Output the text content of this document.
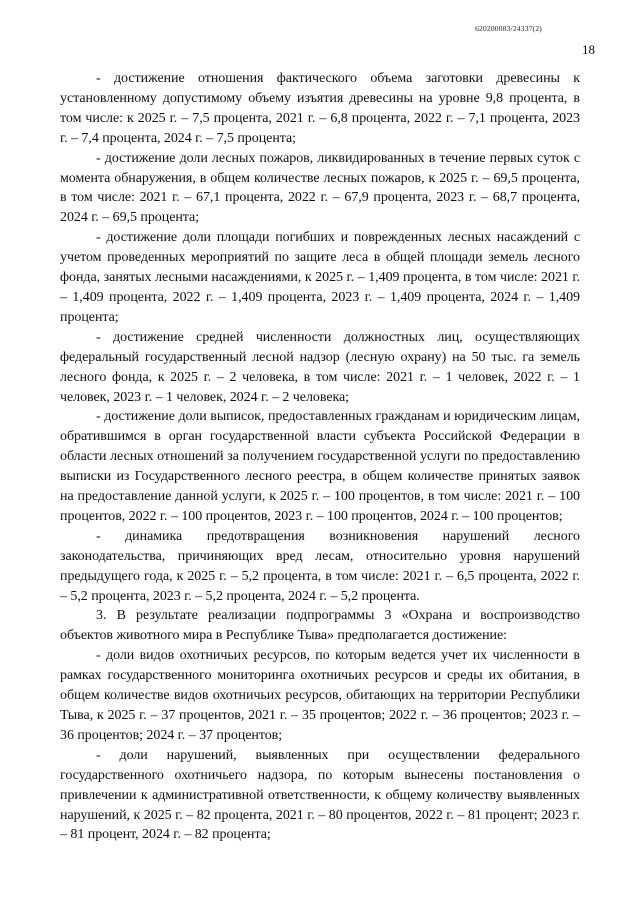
620200083/24337(2)
18

- достижение отношения фактического объема заготовки древесины к установленному допустимому объему изъятия древесины на уровне 9,8 процента, в том числе: к 2025 г. – 7,5 процента, 2021 г. – 6,8 процента, 2022 г. – 7,1 процента, 2023 г. – 7,4 процента, 2024 г. – 7,5 процента;

- достижение доли лесных пожаров, ликвидированных в течение первых суток с момента обнаружения, в общем количестве лесных пожаров, к 2025 г. – 69,5 процента, в том числе: 2021 г. – 67,1 процента, 2022 г. – 67,9 процента, 2023 г. – 68,7 процента, 2024 г. – 69,5 процента;

- достижение доли площади погибших и поврежденных лесных насаждений с учетом проведенных мероприятий по защите леса в общей площади земель лесного фонда, занятых лесными насаждениями, к 2025 г. – 1,409 процента, в том числе: 2021 г. – 1,409 процента, 2022 г. – 1,409 процента, 2023 г. – 1,409 процента, 2024 г. – 1,409 процента;

- достижение средней численности должностных лиц, осуществляющих федеральный государственный лесной надзор (лесную охрану) на 50 тыс. га земель лесного фонда, к 2025 г. – 2 человека, в том числе: 2021 г. – 1 человек, 2022 г. – 1 человек, 2023 г. – 1 человек, 2024 г. – 2 человека;

- достижение доли выписок, предоставленных гражданам и юридическим лицам, обратившимся в орган государственной власти субъекта Российской Федерации в области лесных отношений за получением государственной услуги по предоставлению выписки из Государственного лесного реестра, в общем количестве принятых заявок на предоставление данной услуги, к 2025 г. – 100 процентов, в том числе: 2021 г. – 100 процентов, 2022 г. – 100 процентов, 2023 г. – 100 процентов, 2024 г. – 100 процентов;

- динамика предотвращения возникновения нарушений лесного законодательства, причиняющих вред лесам, относительно уровня нарушений предыдущего года, к 2025 г. – 5,2 процента, в том числе: 2021 г. – 6,5 процента, 2022 г. – 5,2 процента, 2023 г. – 5,2 процента, 2024 г. – 5,2 процента.

3. В результате реализации подпрограммы 3 «Охрана и воспроизводство объектов животного мира в Республике Тыва» предполагается достижение:

- доли видов охотничьих ресурсов, по которым ведется учет их численности в рамках государственного мониторинга охотничьих ресурсов и среды их обитания, в общем количестве видов охотничьих ресурсов, обитающих на территории Республики Тыва, к 2025 г. – 37 процентов, 2021 г. – 35 процентов; 2022 г. – 36 процентов; 2023 г. – 36 процентов; 2024 г. – 37 процентов;

- доли нарушений, выявленных при осуществлении федерального государственного охотничьего надзора, по которым вынесены постановления о привлечении к административной ответственности, к общему количеству выявленных нарушений, к 2025 г. – 82 процента, 2021 г. – 80 процентов, 2022 г. – 81 процент; 2023 г. – 81 процент, 2024 г. – 82 процента;
